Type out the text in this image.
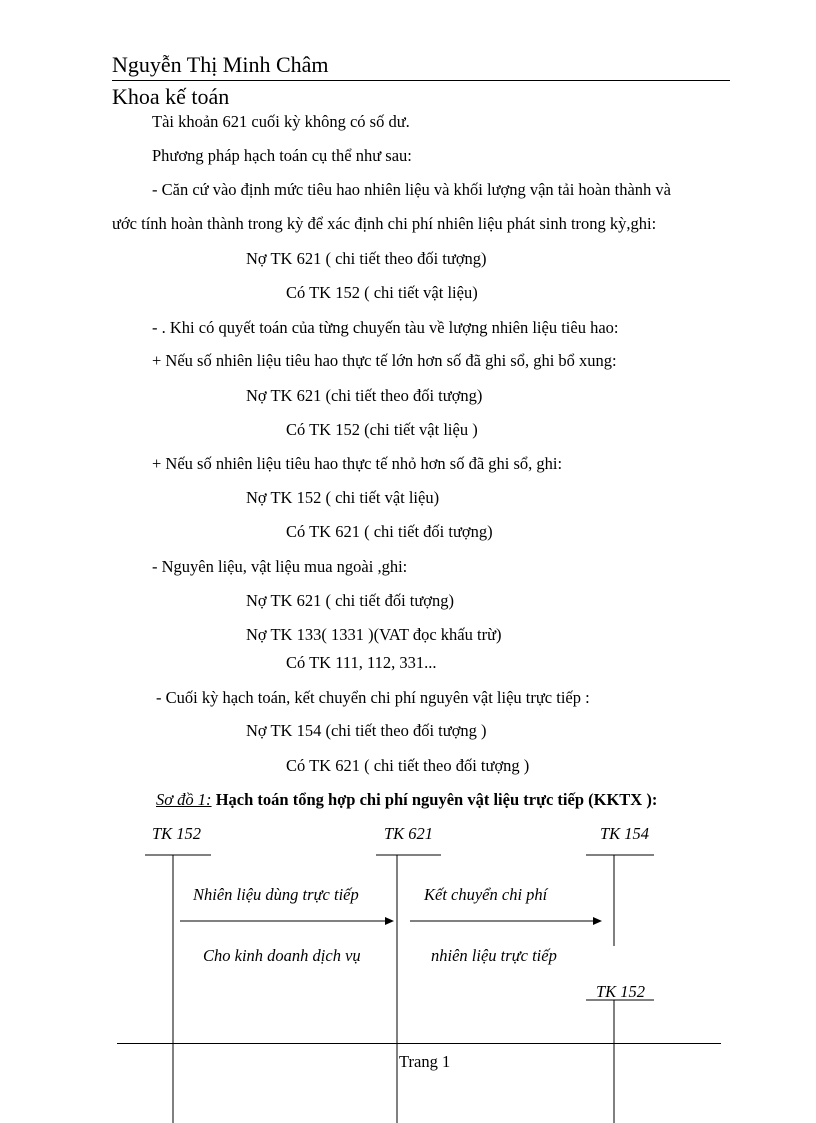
Nguyễn Thị Minh Châm
Khoa kế toán
Tài khoản 621 cuối kỳ không có số dư.
Phương pháp hạch toán cụ thể như sau:
- Căn cứ vào định mức tiêu hao nhiên liệu và khối lượng vận tải hoàn thành và
ước tính hoàn thành trong kỳ để xác định chi phí nhiên liệu phát sinh trong kỳ,ghi:
Nợ TK 621 ( chi tiết theo đối tượng)
Có TK 152 ( chi tiết vật liệu)
- . Khi có quyết toán của từng chuyến tàu về lượng nhiên liệu tiêu hao:
+ Nếu số nhiên liệu tiêu hao thực tế lớn hơn số đã ghi sổ, ghi bổ xung:
Nợ TK 621 (chi tiết theo đối tượng)
Có TK 152 (chi tiết vật liệu )
+ Nếu số nhiên liệu tiêu hao thực tế nhỏ hơn số đã ghi sổ, ghi:
Nợ TK 152 ( chi tiết vật liệu)
Có TK 621 ( chi tiết đối tượng)
- Nguyên liệu, vật liệu mua ngoài ,ghi:
Nợ TK 621 ( chi tiết đối tượng)
Nợ TK 133( 1331 )(VAT đọc khấu trừ)
Có TK 111, 112, 331...
- Cuối kỳ hạch toán, kết chuyển chi phí nguyên vật liệu trực tiếp :
Nợ TK 154 (chi tiết theo đối tượng )
Có TK 621 ( chi tiết theo đối tượng )
Sơ đồ 1: Hạch toán tổng hợp chi phí nguyên vật liệu trực tiếp (KKTX ):
TK 152	TK 621	TK 154
TK 152
Nhiên liệu dùng trực tiếp
Cho kinh doanh dịch vụ
Kết chuyển chi phí
nhiên liệu trực tiếp
Trang 1
